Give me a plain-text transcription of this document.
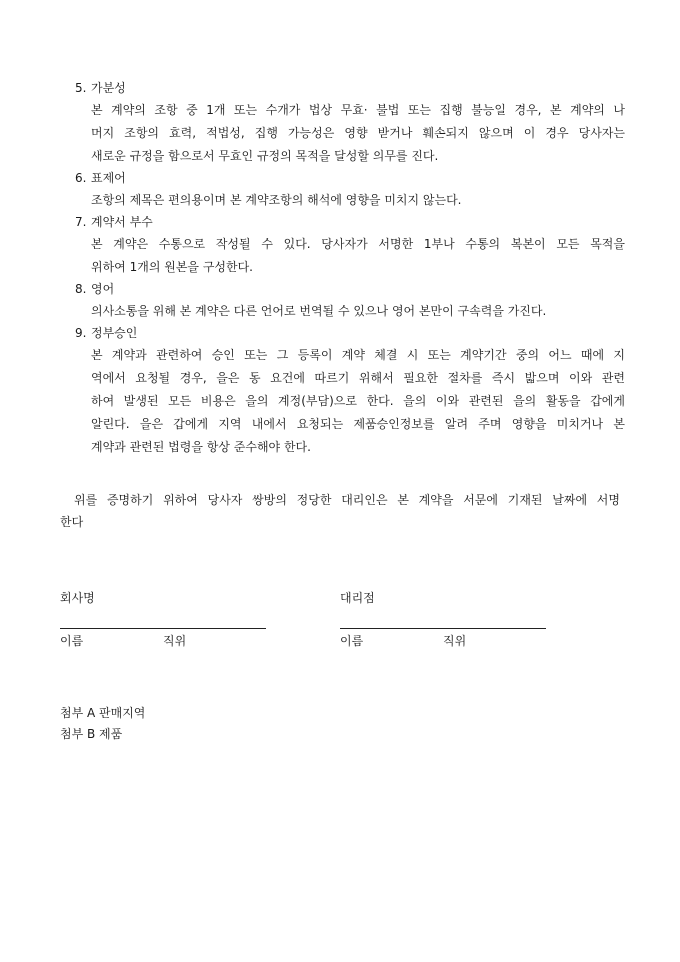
5. 가분성
본 계약의 조항 중 1개 또는 수개가 법상 무효· 불법 또는 집행 불능일 경우, 본 계약의 나
머지 조항의 효력, 적법성, 집행 가능성은 영향 받거나 훼손되지 않으며 이 경우 당사자는
새로운 규정을 함으로서 무효인 규정의 목적을 달성할 의무를 진다.
6. 표제어
조항의 제목은 편의용이며 본 계약조항의 해석에 영향을 미치지 않는다.
7. 계약서 부수
본 계약은 수통으로 작성될 수 있다. 당사자가 서명한 1부나 수통의 복본이 모든 목적을
위하여 1개의 원본을 구성한다.
8. 영어
의사소통을 위해 본 계약은 다른 언어로 번역될 수 있으나 영어 본만이 구속력을 가진다.
9. 정부승인
본 계약과 관련하여 승인 또는 그 등록이 계약 체결 시 또는 계약기간 중의 어느 때에 지
역에서 요청될 경우, 을은 동 요건에 따르기 위해서 필요한 절차를 즉시 밟으며 이와 관련
하여 발생된 모든 비용은 을의 계정(부담)으로 한다. 을의 이와 관련된 을의 활동을 갑에게
알린다. 을은 갑에게 지역 내에서 요청되는 제품승인정보를 알려 주며 영향을 미치거나 본
계약과 관련된 법령을 항상 준수해야 한다.
위를 증명하기 위하여 당사자 쌍방의 정당한 대리인은 본 계약을 서문에 기재된 날짜에 서명
한다
회사명
이름	직위
대리점
이름	직위
첨부 A 판매지역
첨부 B 제품
